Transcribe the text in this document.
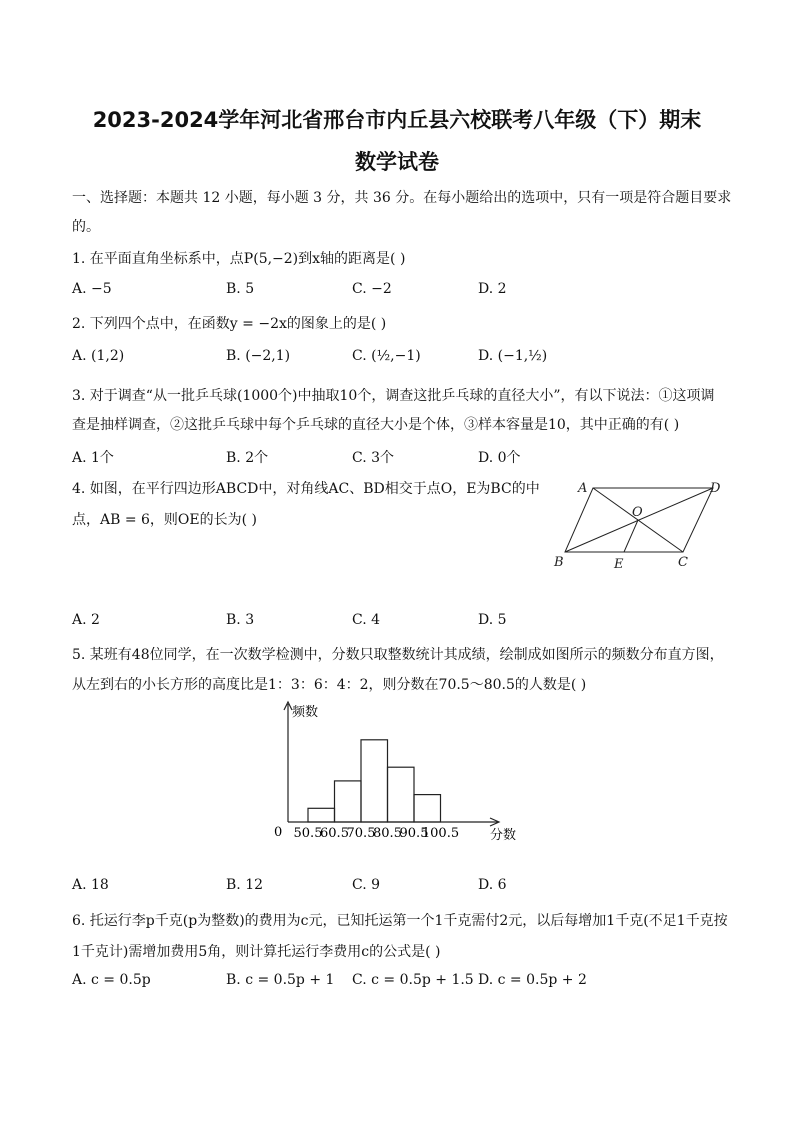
2023-2024学年河北省邢台市内丘县六校联考八年级（下）期末
数学试卷
一、选择题：本题共 12 小题，每小题 3 分，共 36 分。在每小题给出的选项中，只有一项是符合题目要求
的。
1. 在平面直角坐标系中，点P(5,−2)到x轴的距离是( )
A. −5	B. 5	C. −2	D. 2
2. 下列四个点中，在函数y = −2x的图象上的是( )
A. (1,2)	B. (−2,1)	C. (½,−1)	D. (−1,½)
3. 对于调查“从一批乒乓球(1000个)中抽取10个，调查这批乒乓球的直径大小”，有以下说法：①这项调
查是抽样调查，②这批乒乓球中每个乒乓球的直径大小是个体，③样本容量是10，其中正确的有( )
A. 1个	B. 2个	C. 3个	D. 0个
4. 如图，在平行四边形ABCD中，对角线AC、BD相交于点O，E为BC的中
点，AB = 6，则OE的长为( )
A	D
O
B	E	C
A. 2	B. 3	C. 4	D. 5
5. 某班有48位同学，在一次数学检测中，分数只取整数统计其成绩，绘制成如图所示的频数分布直方图，
从左到右的小长方形的高度比是1：3：6：4：2，则分数在70.5～80.5的人数是( )
频数
分数
0 50.5
60.5
70.5
80.5
90.5
100.5
A. 18	B. 12	C. 9	D. 6
6. 托运行李p千克(p为整数)的费用为c元，已知托运第一个1千克需付2元，以后每增加1千克(不足1千克按
1千克计)需增加费用5角，则计算托运行李费用c的公式是( )
A. c = 0.5p	B. c = 0.5p + 1 C. c = 0.5p + 1.5 D. c = 0.5p + 2
